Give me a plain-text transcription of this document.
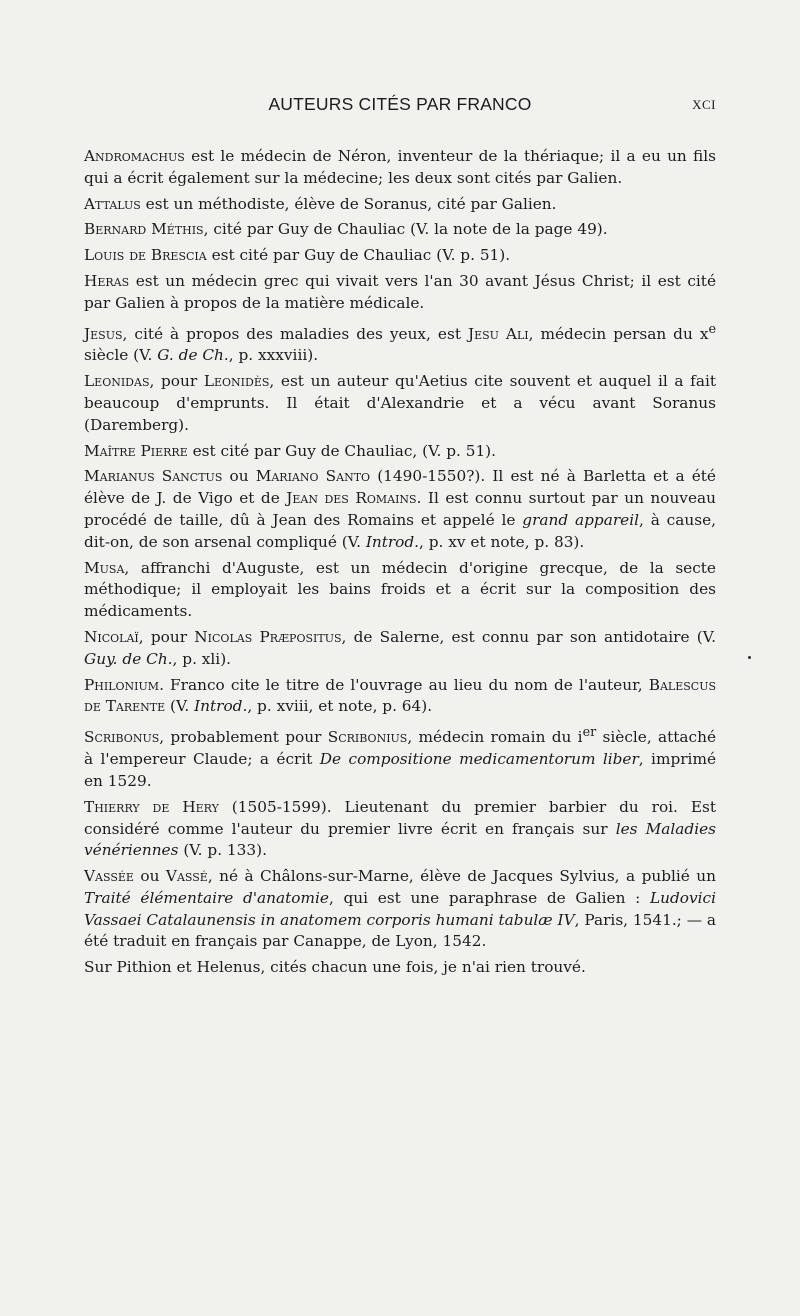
AUTEURS CITÉS PAR FRANCO	XCI

Andromachus est le médecin de Néron, inventeur de la thériaque; il a eu un fils qui a écrit également sur la médecine; les deux sont cités par Galien.

Attalus est un méthodiste, élève de Soranus, cité par Galien.

Bernard Méthis, cité par Guy de Chauliac (V. la note de la page 49).

Louis de Brescia est cité par Guy de Chauliac (V. p. 51).

Heras est un médecin grec qui vivait vers l'an 30 avant Jésus Christ; il est cité par Galien à propos de la matière médicale.

Jesus, cité à propos des maladies des yeux, est Jesu Ali, médecin persan du $x^e$ siècle (V. G. de Ch., p. xxxviii).

Leonidas, pour Leonidès, est un auteur qu'Aetius cite souvent et auquel il a fait beaucoup d'emprunts. Il était d'Alexandrie et a vécu avant Soranus (Daremberg).

Maître Pierre est cité par Guy de Chauliac, (V. p. 51).

Marianus Sanctus ou Mariano Santo (1490-1550?). Il est né à Barletta et a été élève de J. de Vigo et de Jean des Romains. Il est connu surtout par un nouveau procédé de taille, dû à Jean des Romains et appelé le grand appareil, à cause, dit-on, de son arsenal compliqué (V. Introd., p. xv et note, p. 83).

Musa, affranchi d'Auguste, est un médecin d'origine grecque, de la secte méthodique; il employait les bains froids et a écrit sur la composition des médicaments.

Nicolaï, pour Nicolas Præpositus, de Salerne, est connu par son antidotaire (V. Guy. de Ch., p. xli).

Philonium. Franco cite le titre de l'ouvrage au lieu du nom de l'auteur, Balescus de Tarente (V. Introd., p. xviii, et note, p. 64).

Scribonus, probablement pour Scribonius, médecin romain du $i^{er}$ siècle, attaché à l'empereur Claude; a écrit De compositione medicamentorum liber, imprimé en 1529.

Thierry de Hery (1505-1599). Lieutenant du premier barbier du roi. Est considéré comme l'auteur du premier livre écrit en français sur les Maladies vénériennes (V. p. 133).

Vassée ou Vassé, né à Châlons-sur-Marne, élève de Jacques Sylvius, a publié un Traité élémentaire d'anatomie, qui est une paraphrase de Galien : Ludovici Vassaei Catalaunensis in anatomem corporis humani tabulæ IV, Paris, 1541.; — a été traduit en français par Canappe, de Lyon, 1542.

Sur Pithion et Helenus, cités chacun une fois, je n'ai rien trouvé.
